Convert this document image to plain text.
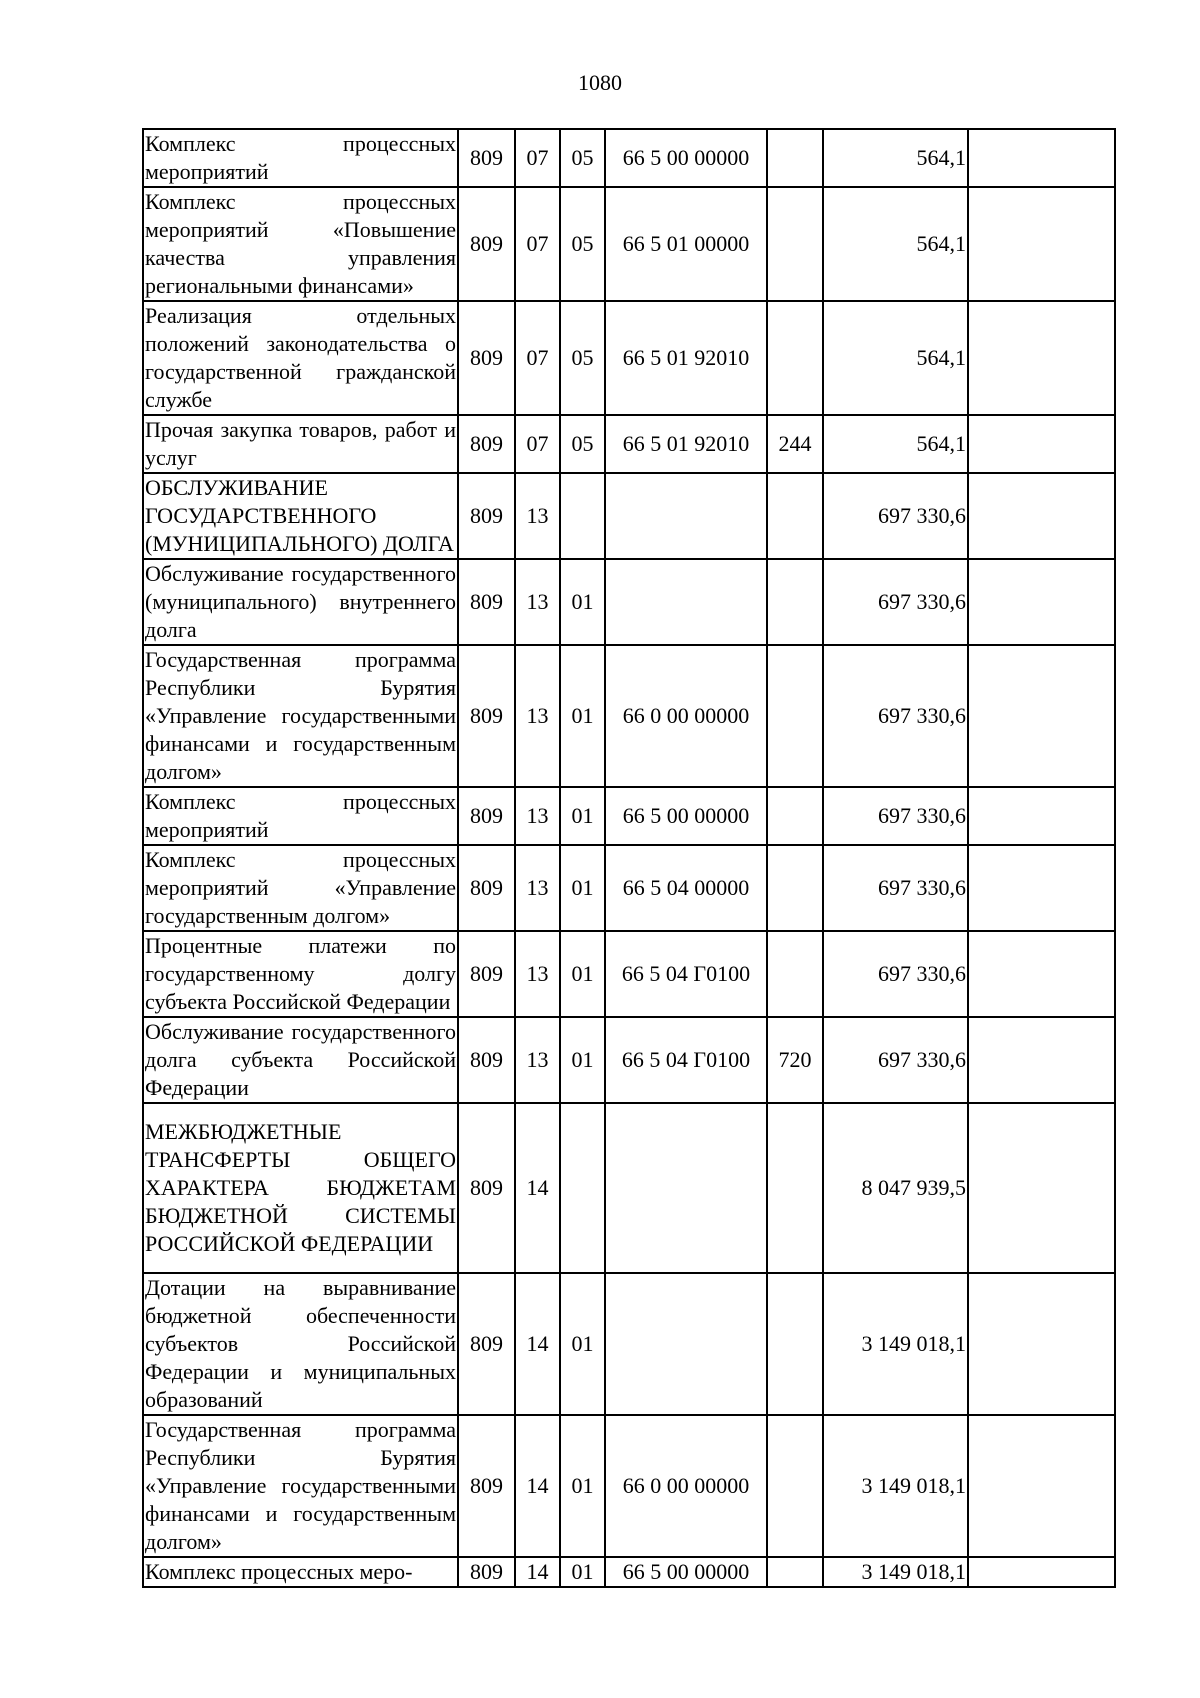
1080
Комплекс процессных мероприятий	809	07	05	66 5 00 00000		564,1	
Комплекс процессных мероприятий «Повышение качества управления региональными финансами»	809	07	05	66 5 01 00000		564,1	
Реализация отдельных положений законодательства о государственной гражданской службе	809	07	05	66 5 01 92010		564,1	
Прочая закупка товаров, работ и услуг	809	07	05	66 5 01 92010	244	564,1	
ОБСЛУЖИВАНИЕ ГОСУДАРСТВЕННОГО (МУНИЦИПАЛЬНОГО) ДОЛГА	809	13				697 330,6	
Обслуживание государственного (муниципального) внутреннего долга	809	13	01			697 330,6	
Государственная программа Республики Бурятия «Управление государственными финансами и государственным долгом»	809	13	01	66 0 00 00000		697 330,6	
Комплекс процессных мероприятий	809	13	01	66 5 00 00000		697 330,6	
Комплекс процессных мероприятий «Управление государственным долгом»	809	13	01	66 5 04 00000		697 330,6	
Процентные платежи по государственному долгу субъекта Российской Федерации	809	13	01	66 5 04 Г0100		697 330,6	
Обслуживание государственного долга субъекта Российской Федерации	809	13	01	66 5 04 Г0100	720	697 330,6	
МЕЖБЮДЖЕТНЫЕ ТРАНСФЕРТЫ ОБЩЕГО ХАРАКТЕРА БЮДЖЕТАМ БЮДЖЕТНОЙ СИСТЕМЫ РОССИЙСКОЙ ФЕДЕРАЦИИ	809	14				8 047 939,5	
Дотации на выравнивание бюджетной обеспеченности субъектов Российской Федерации и муниципальных образований	809	14	01			3 149 018,1	
Государственная программа Республики Бурятия «Управление государственными финансами и государственным долгом»	809	14	01	66 0 00 00000		3 149 018,1	
Комплекс процессных меро-	809	14	01	66 5 00 00000		3 149 018,1	
